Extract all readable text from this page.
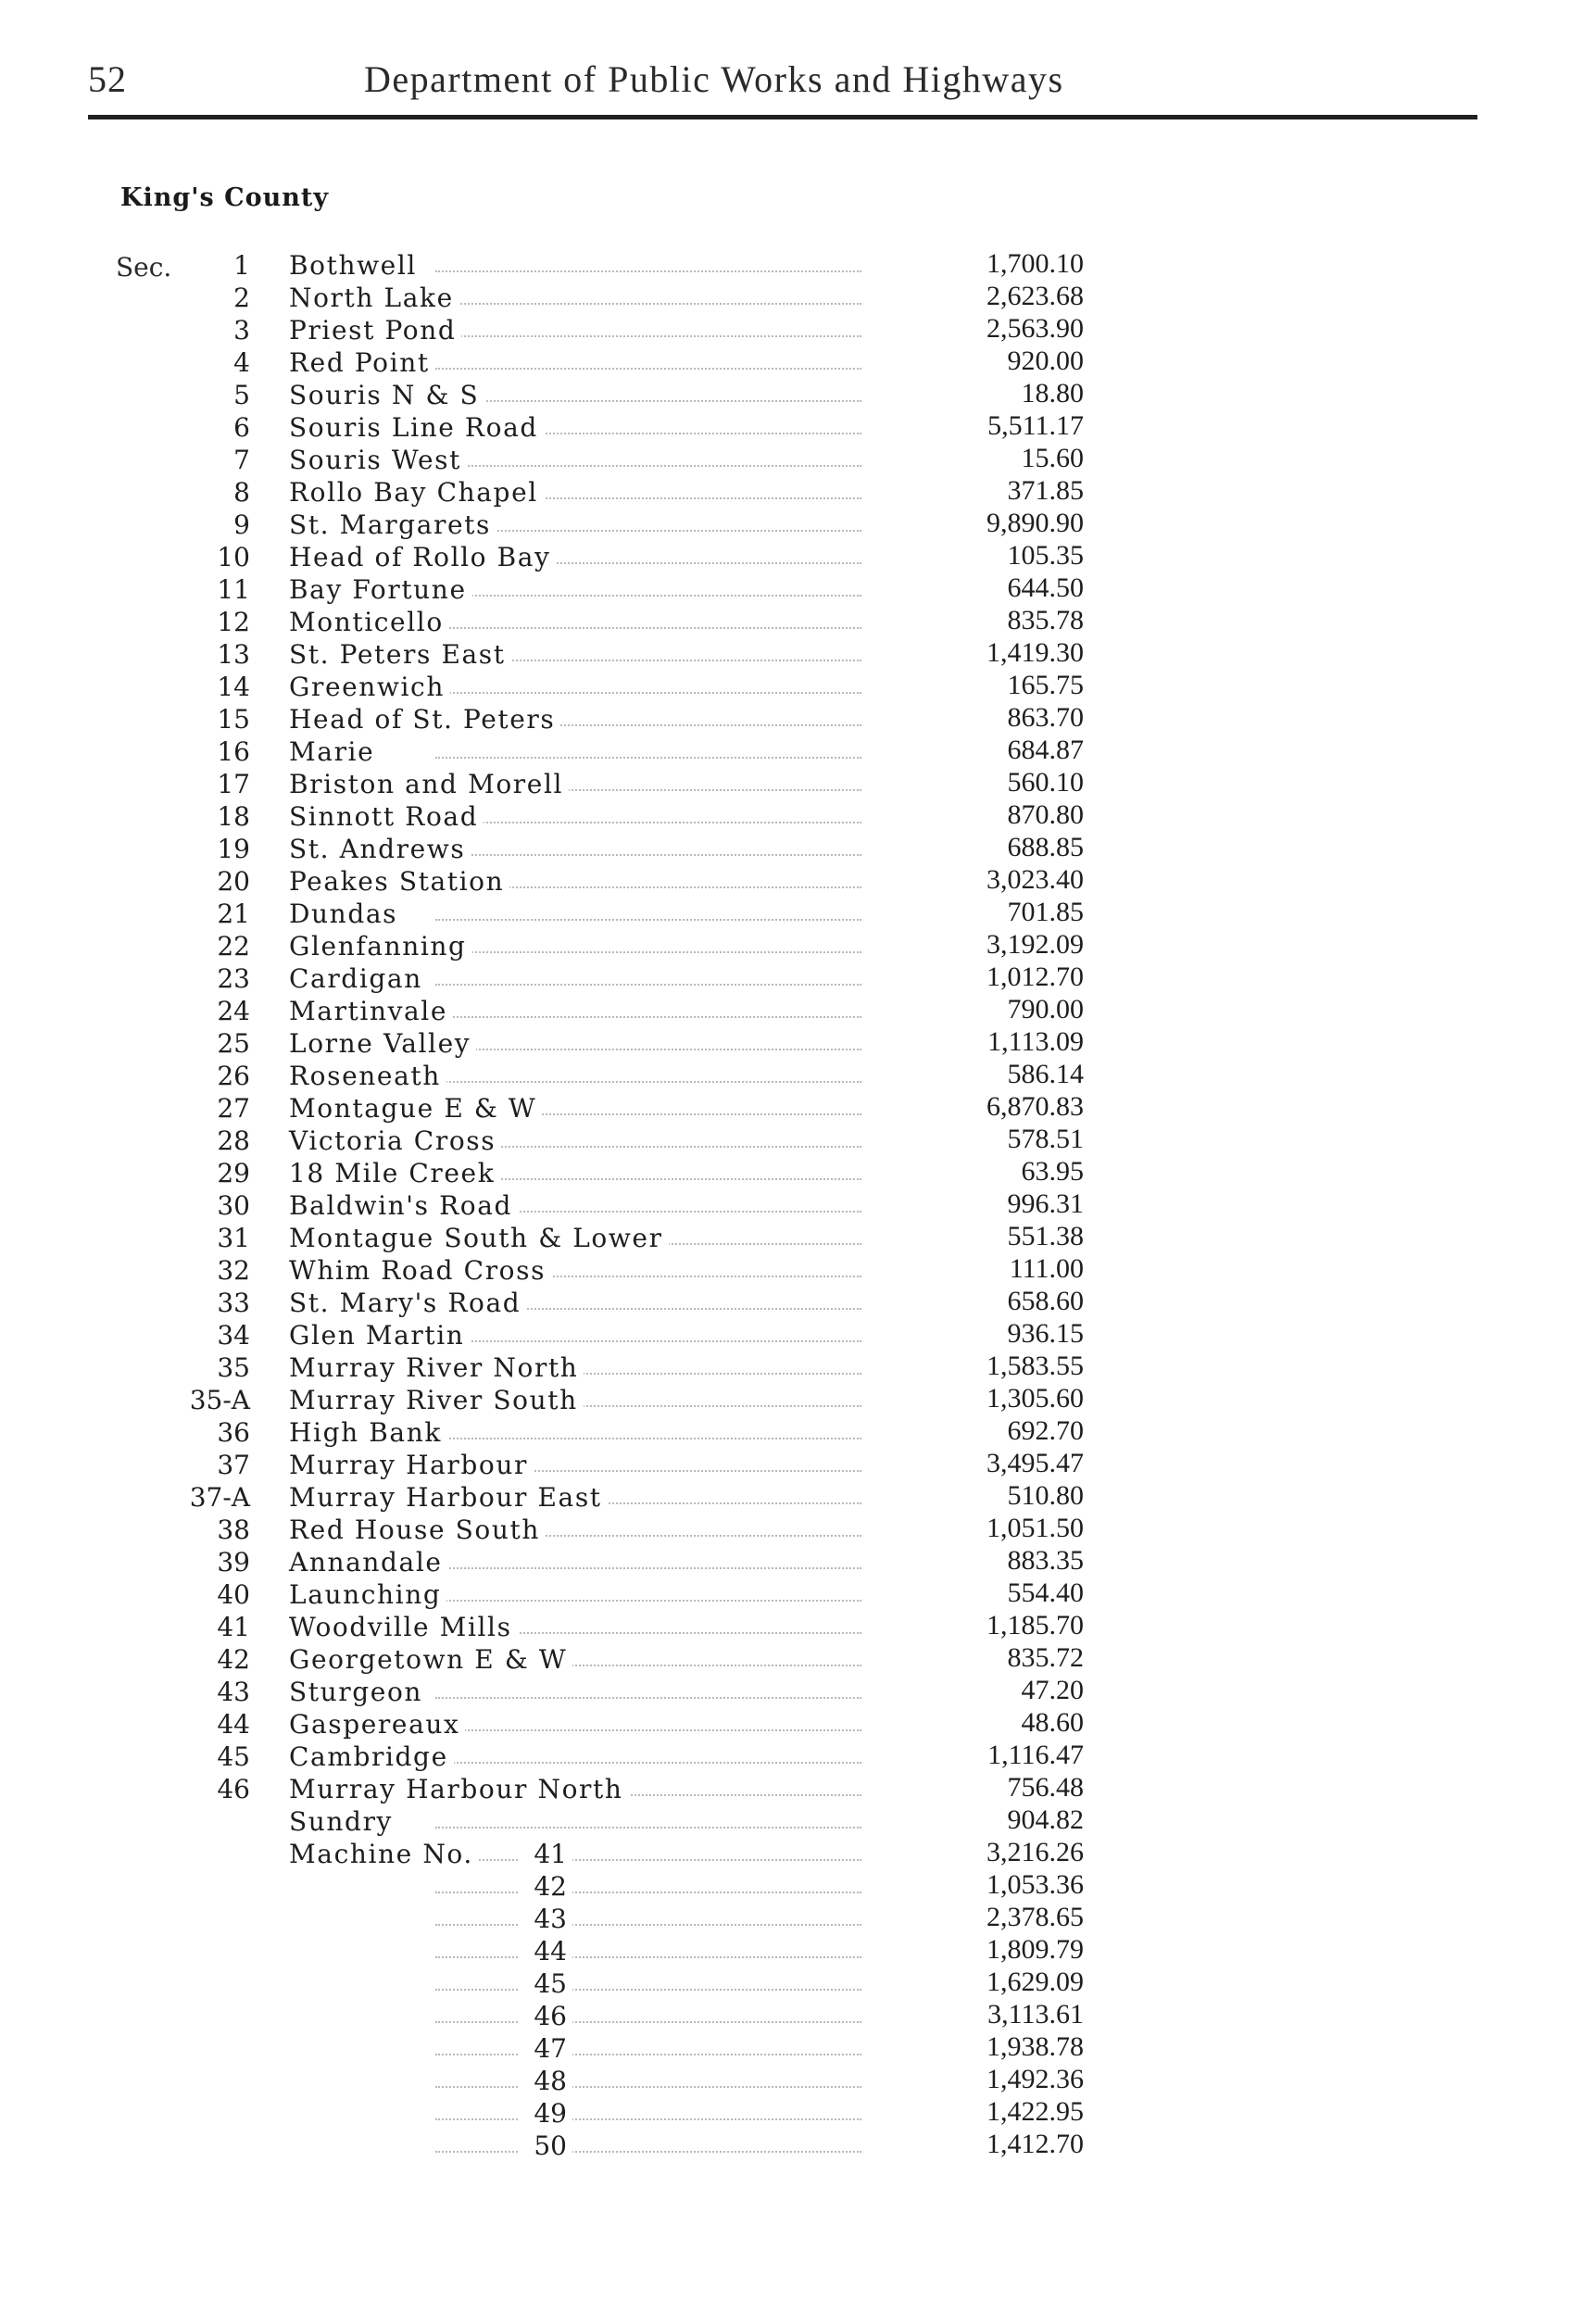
52	Department of Public Works and Highways
King's County
Sec.	1 Bothwell	1,700.10
2 North Lake	2,623.68
3 Priest Pond	2,563.90
4 Red Point	920.00
5 Souris N & S	18.80
6 Souris Line Road	5,511.17
7 Souris West	15.60
8 Rollo Bay Chapel	371.85
9 St. Margarets	9,890.90
10 Head of Rollo Bay	105.35
11 Bay Fortune	644.50
12 Monticello	835.78
13 St. Peters East	1,419.30
14 Greenwich	165.75
15 Head of St. Peters	863.70
16 Marie	684.87
17 Briston and Morell	560.10
18 Sinnott Road	870.80
19 St. Andrews	688.85
20 Peakes Station	3,023.40
21 Dundas	701.85
22 Glenfanning	3,192.09
23 Cardigan	1,012.70
24 Martinvale	790.00
25 Lorne Valley	1,113.09
26 Roseneath	586.14
27 Montague E & W	6,870.83
28 Victoria Cross	578.51
29 18 Mile Creek	63.95
30 Baldwin's Road	996.31
31 Montague South & Lower	551.38
32 Whim Road Cross	111.00
33 St. Mary's Road	658.60
34 Glen Martin	936.15
35 Murray River North	1,583.55
35-A Murray River South	1,305.60
36 High Bank	692.70
37 Murray Harbour	3,495.47
37-A Murray Harbour East	510.80
38 Red House South	1,051.50
39 Annandale	883.35
40 Launching	554.40
41 Woodville Mills	1,185.70
42 Georgetown E & W	835.72
43 Sturgeon	47.20
44 Gaspereaux	48.60
45 Cambridge	1,116.47
46 Murray Harbour North	756.48
Sundry	904.82
Machine No.	41	3,216.26
42	1,053.36
43	2,378.65
44	1,809.79
45	1,629.09
46	3,113.61
47	1,938.78
48	1,492.36
49	1,422.95
50	1,412.70
